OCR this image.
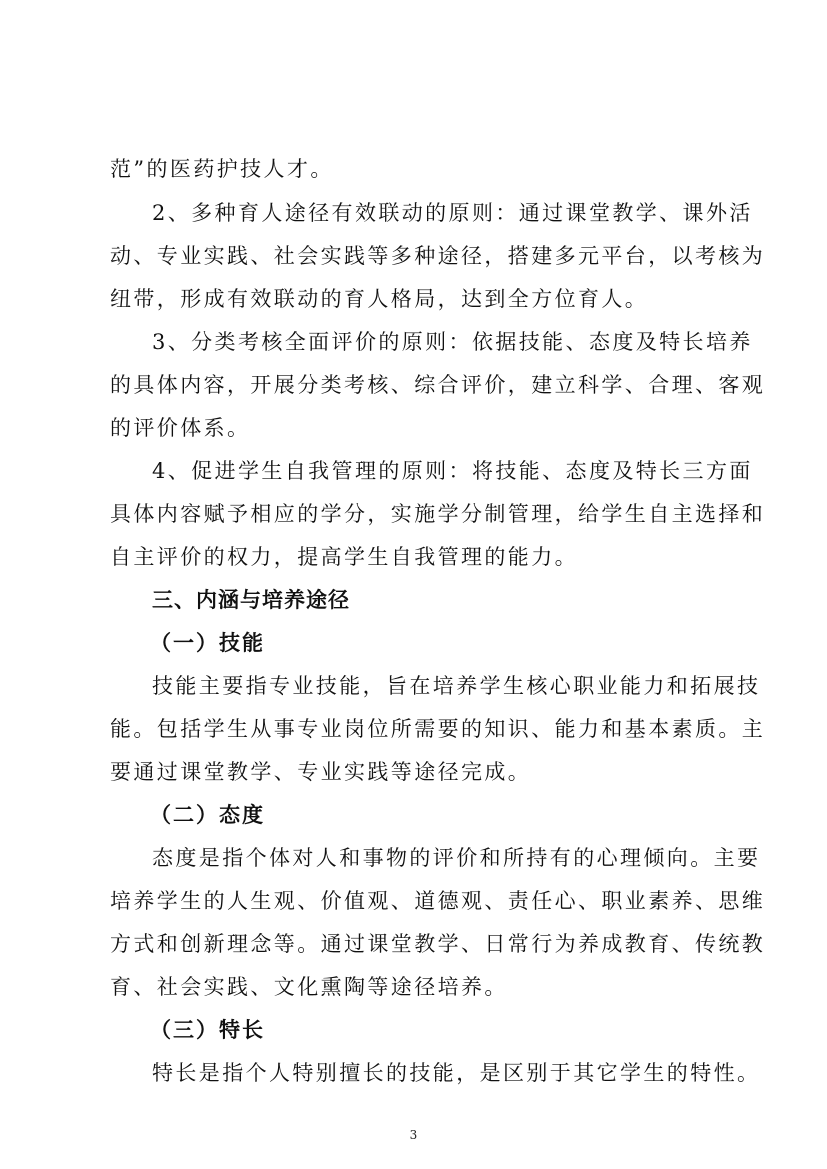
范”的医药护技人才。
2、多种育人途径有效联动的原则：通过课堂教学、课外活
动、专业实践、社会实践等多种途径，搭建多元平台，以考核为
纽带，形成有效联动的育人格局，达到全方位育人。
3、分类考核全面评价的原则：依据技能、态度及特长培养
的具体内容，开展分类考核、综合评价，建立科学、合理、客观
的评价体系。
4、促进学生自我管理的原则：将技能、态度及特长三方面
具体内容赋予相应的学分，实施学分制管理，给学生自主选择和
自主评价的权力，提高学生自我管理的能力。
三、内涵与培养途径
（一）技能
技能主要指专业技能，旨在培养学生核心职业能力和拓展技
能。包括学生从事专业岗位所需要的知识、能力和基本素质。主
要通过课堂教学、专业实践等途径完成。
（二）态度
态度是指个体对人和事物的评价和所持有的心理倾向。主要
培养学生的人生观、价值观、道德观、责任心、职业素养、思维
方式和创新理念等。通过课堂教学、日常行为养成教育、传统教
育、社会实践、文化熏陶等途径培养。
（三）特长
特长是指个人特别擅长的技能，是区别于其它学生的特性。
3
